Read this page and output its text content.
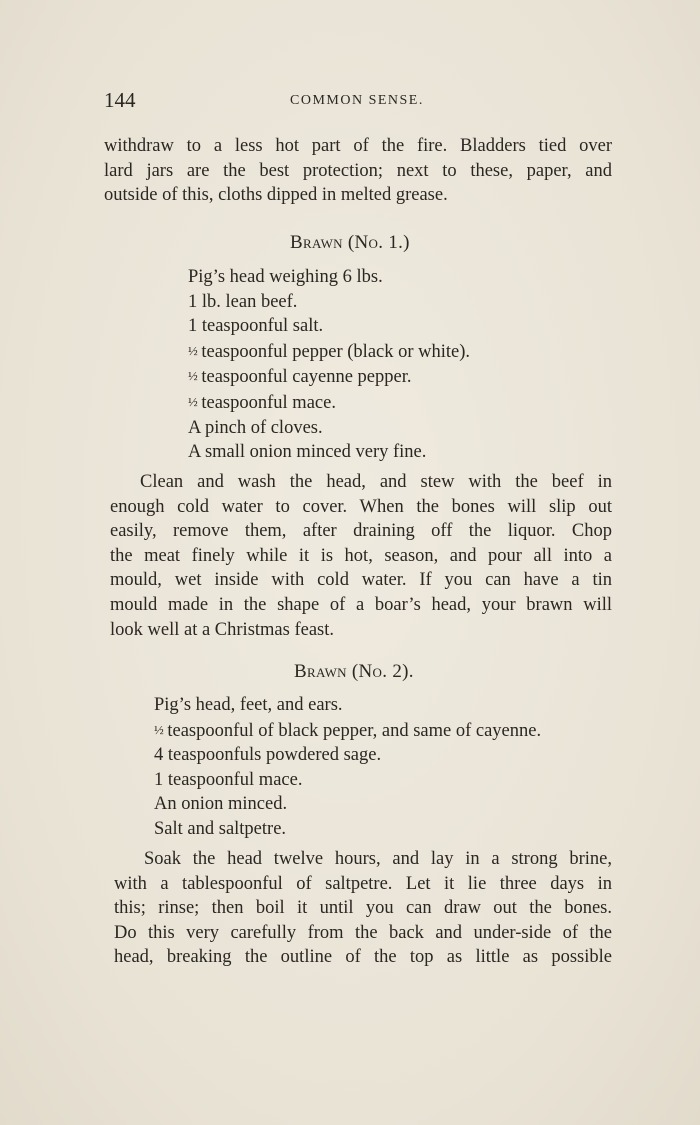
144	COMMON SENSE.
withdraw to a less hot part of the fire. Bladders tied over
lard jars are the best protection; next to these, paper, and
outside of this, cloths dipped in melted grease.
Brawn (No. 1.)
Pig’s head weighing 6 lbs.
1 lb. lean beef.
1 teaspoonful salt.
½ teaspoonful pepper (black or white).
½ teaspoonful cayenne pepper.
½ teaspoonful mace.
A pinch of cloves.
A small onion minced very fine.
Clean and wash the head, and stew with the beef in
enough cold water to cover. When the bones will slip out
easily, remove them, after draining off the liquor. Chop
the meat finely while it is hot, season, and pour all into a
mould, wet inside with cold water. If you can have a tin
mould made in the shape of a boar’s head, your brawn will
look well at a Christmas feast.
Brawn (No. 2).
Pig’s head, feet, and ears.
½ teaspoonful of black pepper, and same of cayenne.
4 teaspoonfuls powdered sage.
1 teaspoonful mace.
An onion minced.
Salt and saltpetre.
Soak the head twelve hours, and lay in a strong brine,
with a tablespoonful of saltpetre. Let it lie three days in
this; rinse; then boil it until you can draw out the bones.
Do this very carefully from the back and under-side of the
head, breaking the outline of the top as little as possible
